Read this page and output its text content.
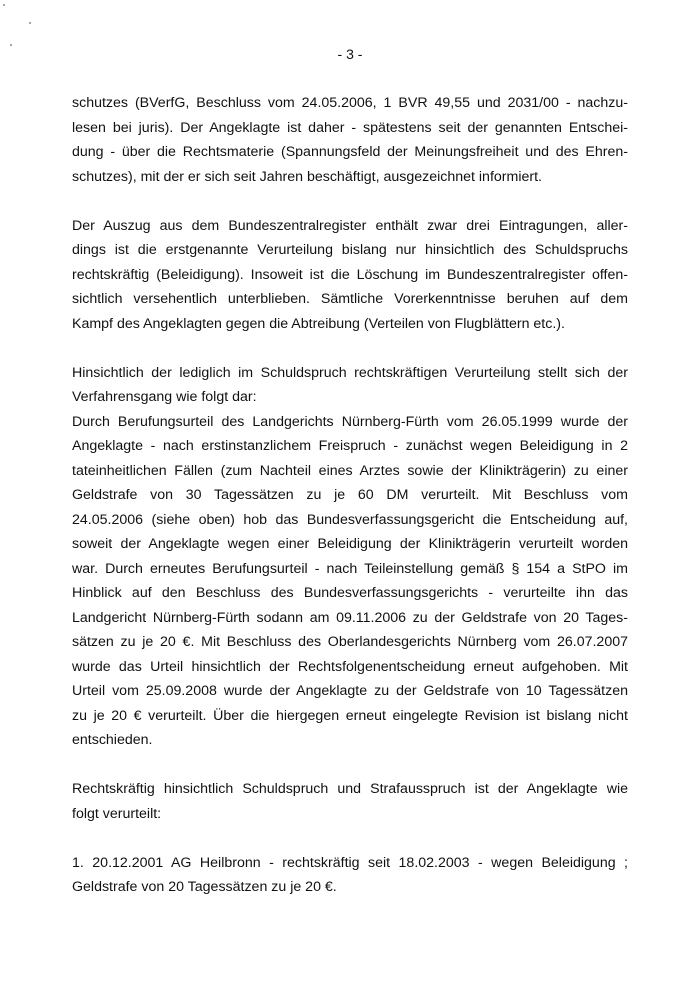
- 3 -
schutzes (BVerfG, Beschluss vom 24.05.2006, 1 BVR 49,55 und 2031/00 - nachzu-
lesen bei juris). Der Angeklagte ist daher - spätestens seit der genannten Entschei-
dung - über die Rechtsmaterie (Spannungsfeld der Meinungsfreiheit und des Ehren-
schutzes), mit der er sich seit Jahren beschäftigt, ausgezeichnet informiert.
Der Auszug aus dem Bundeszentralregister enthält zwar drei Eintragungen, aller-
dings ist die erstgenannte Verurteilung bislang nur hinsichtlich des Schuldspruchs
rechtskräftig (Beleidigung). Insoweit ist die Löschung im Bundeszentralregister offen-
sichtlich versehentlich unterblieben. Sämtliche Vorerkenntnisse beruhen auf dem
Kampf des Angeklagten gegen die Abtreibung (Verteilen von Flugblättern etc.).
Hinsichtlich der lediglich im Schuldspruch rechtskräftigen Verurteilung stellt sich der
Verfahrensgang wie folgt dar:
Durch Berufungsurteil des Landgerichts Nürnberg-Fürth vom 26.05.1999 wurde der
Angeklagte - nach erstinstanzlichem Freispruch - zunächst wegen Beleidigung in 2
tateinheitlichen Fällen (zum Nachteil eines Arztes sowie der Klinikträgerin) zu einer
Geldstrafe von 30 Tagessätzen zu je 60 DM verurteilt. Mit Beschluss vom
24.05.2006 (siehe oben) hob das Bundesverfassungsgericht die Entscheidung auf,
soweit der Angeklagte wegen einer Beleidigung der Klinikträgerin verurteilt worden
war. Durch erneutes Berufungsurteil - nach Teileinstellung gemäß § 154 a StPO im
Hinblick auf den Beschluss des Bundesverfassungsgerichts - verurteilte ihn das
Landgericht Nürnberg-Fürth sodann am 09.11.2006 zu der Geldstrafe von 20 Tages-
sätzen zu je 20 €. Mit Beschluss des Oberlandesgerichts Nürnberg vom 26.07.2007
wurde das Urteil hinsichtlich der Rechtsfolgenentscheidung erneut aufgehoben. Mit
Urteil vom 25.09.2008 wurde der Angeklagte zu der Geldstrafe von 10 Tagessätzen
zu je 20 € verurteilt. Über die hiergegen erneut eingelegte Revision ist bislang nicht
entschieden.
Rechtskräftig hinsichtlich Schuldspruch und Strafausspruch ist der Angeklagte wie
folgt verurteilt:
1. 20.12.2001 AG Heilbronn - rechtskräftig seit 18.02.2003 - wegen Beleidigung ;
Geldstrafe von 20 Tagessätzen zu je 20 €.
